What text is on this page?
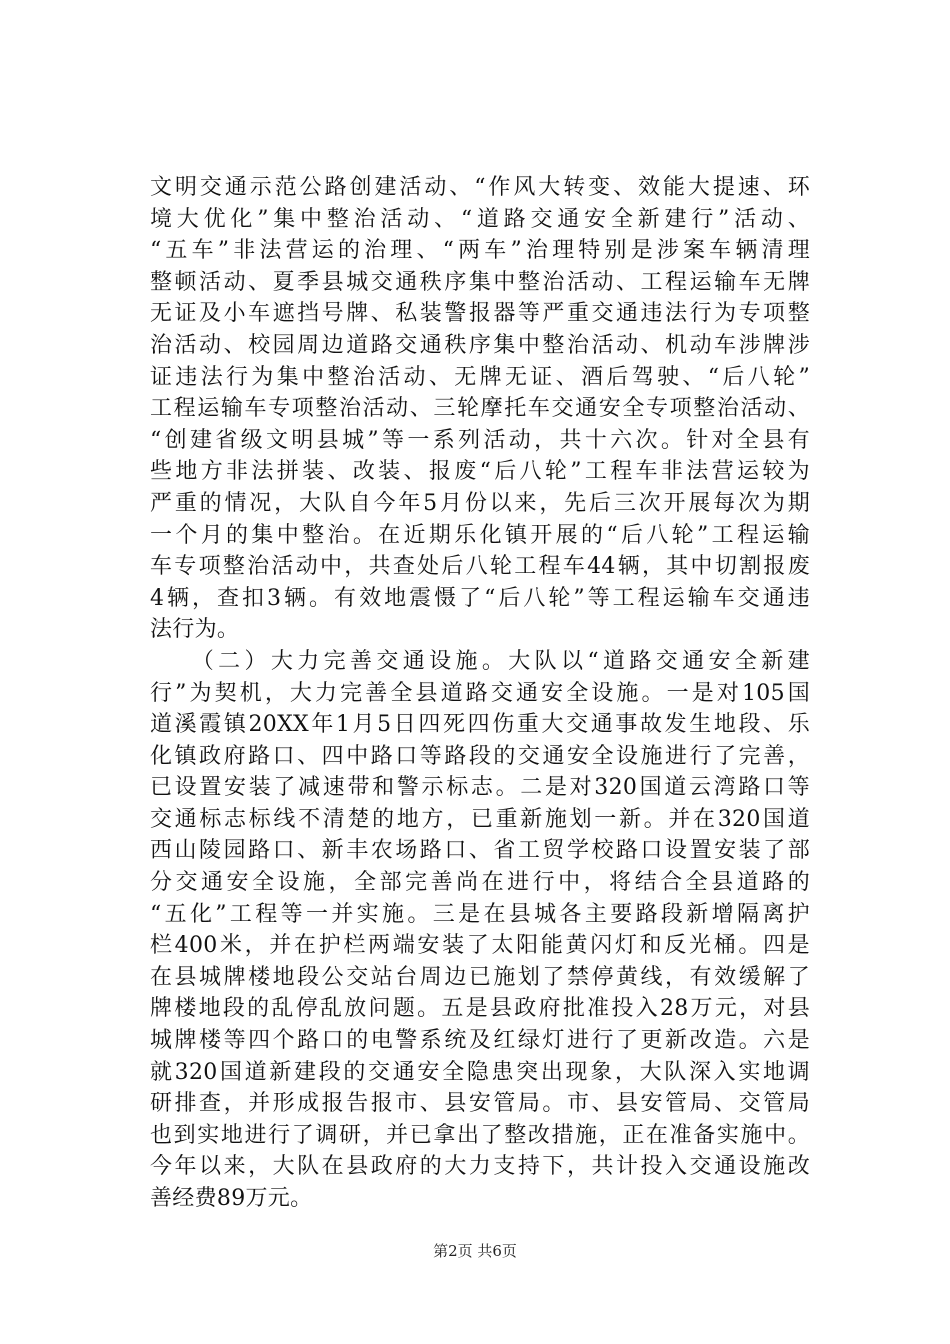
文明交通示范公路创建活动、“作风大转变、效能大提速、环
境大优化”集中整治活动、“道路交通安全新建行”活动、
“五车”非法营运的治理、“两车”治理特别是涉案车辆清理
整顿活动、夏季县城交通秩序集中整治活动、工程运输车无牌
无证及小车遮挡号牌、私装警报器等严重交通违法行为专项整
治活动、校园周边道路交通秩序集中整治活动、机动车涉牌涉
证违法行为集中整治活动、无牌无证、酒后驾驶、“后八轮”
工程运输车专项整治活动、三轮摩托车交通安全专项整治活动、
“创建省级文明县城”等一系列活动，共十六次。针对全县有
些地方非法拼装、改装、报废“后八轮”工程车非法营运较为
严重的情况，大队自今年5月份以来，先后三次开展每次为期
一个月的集中整治。在近期乐化镇开展的“后八轮”工程运输
车专项整治活动中，共查处后八轮工程车44辆，其中切割报废
4辆，查扣3辆。有效地震慑了“后八轮”等工程运输车交通违
法行为。
　　（二）大力完善交通设施。大队以“道路交通安全新建
行”为契机，大力完善全县道路交通安全设施。一是对105国
道溪霞镇20XX年1月5日四死四伤重大交通事故发生地段、乐
化镇政府路口、四中路口等路段的交通安全设施进行了完善，
已设置安装了减速带和警示标志。二是对320国道云湾路口等
交通标志标线不清楚的地方，已重新施划一新。并在320国道
西山陵园路口、新丰农场路口、省工贸学校路口设置安装了部
分交通安全设施，全部完善尚在进行中，将结合全县道路的
“五化”工程等一并实施。三是在县城各主要路段新增隔离护
栏400米，并在护栏两端安装了太阳能黄闪灯和反光桶。四是
在县城牌楼地段公交站台周边已施划了禁停黄线，有效缓解了
牌楼地段的乱停乱放问题。五是县政府批准投入28万元，对县
城牌楼等四个路口的电警系统及红绿灯进行了更新改造。六是
就320国道新建段的交通安全隐患突出现象，大队深入实地调
研排查，并形成报告报市、县安管局。市、县安管局、交管局
也到实地进行了调研，并已拿出了整改措施，正在准备实施中。
今年以来，大队在县政府的大力支持下，共计投入交通设施改
善经费89万元。
第2页 共6页
